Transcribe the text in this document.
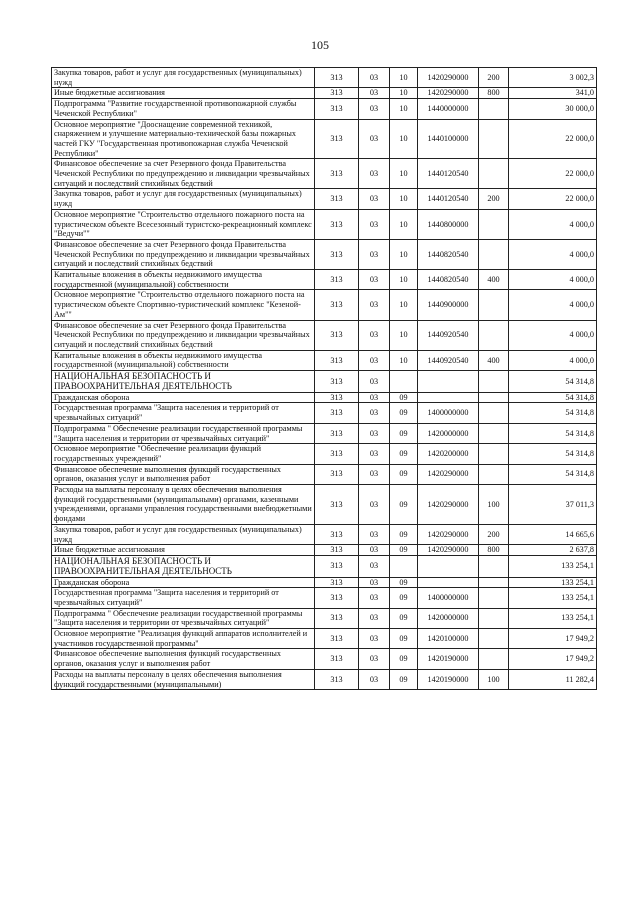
105
Закупка товаров, работ и услуг для государственных (муниципальных) нужд	313	03	10	1420290000	200	3 002,3
Иные бюджетные ассигнования	313	03	10	1420290000	800	341,0
Подпрограмма "Развитие государственной противопожарной службы Чеченской Республики"	313	03	10	1440000000		30 000,0
Основное мероприятие "Дооснащение современной техникой, снаряжением и улучшение материально-технической базы пожарных частей ГКУ "Государственная противопожарная служба Чеченской Республики"	313	03	10	1440100000		22 000,0
Финансовое обеспечение за счет Резервного фонда Правительства Чеченской Республики по предупреждению и ликвидации чрезвычайных ситуаций и последствий стихийных бедствий	313	03	10	1440120540		22 000,0
Закупка товаров, работ и услуг для государственных (муниципальных) нужд	313	03	10	1440120540	200	22 000,0
Основное мероприятие "Строительство отдельного пожарного поста на туристическом объекте Всесезонный туристско-рекреационный комплекс "Ведучи""	313	03	10	1440800000		4 000,0
Финансовое обеспечение за счет Резервного фонда Правительства Чеченской Республики по предупреждению и ликвидации чрезвычайных ситуаций и последствий стихийных бедствий	313	03	10	1440820540		4 000,0
Капитальные вложения в объекты недвижимого имущества государственной (муниципальной) собственности	313	03	10	1440820540	400	4 000,0
Основное мероприятие "Строительство отдельного пожарного поста на туристическом объекте Спортивно-туристический комплекс "Кезеной-Ам""	313	03	10	1440900000		4 000,0
Финансовое обеспечение за счет Резервного фонда Правительства Чеченской Республики по предупреждению и ликвидации чрезвычайных ситуаций и последствий стихийных бедствий	313	03	10	1440920540		4 000,0
Капитальные вложения в объекты недвижимого имущества государственной (муниципальной) собственности	313	03	10	1440920540	400	4 000,0
НАЦИОНАЛЬНАЯ БЕЗОПАСНОСТЬ И ПРАВООХРАНИТЕЛЬНАЯ ДЕЯТЕЛЬНОСТЬ	313	03				54 314,8
Гражданская оборона	313	03	09			54 314,8
Государственная программа "Защита населения и территорий от чрезвычайных ситуаций"	313	03	09	1400000000		54 314,8
Подпрограмма " Обеспечение реализации государственной программы "Защита населения и территории от чрезвычайных ситуаций"	313	03	09	1420000000		54 314,8
Основное мероприятие "Обеспечение реализации функций государственных учреждений"	313	03	09	1420200000		54 314,8
Финансовое обеспечение выполнения функций государственных органов, оказания услуг и выполнения работ	313	03	09	1420290000		54 314,8
Расходы на выплаты персоналу в целях обеспечения выполнения функций государственными (муниципальными) органами, казенными учреждениями, органами управления государственными внебюджетными фондами	313	03	09	1420290000	100	37 011,3
Закупка товаров, работ и услуг для государственных (муниципальных) нужд	313	03	09	1420290000	200	14 665,6
Иные бюджетные ассигнования	313	03	09	1420290000	800	2 637,8
НАЦИОНАЛЬНАЯ БЕЗОПАСНОСТЬ И ПРАВООХРАНИТЕЛЬНАЯ ДЕЯТЕЛЬНОСТЬ	313	03				133 254,1
Гражданская оборона	313	03	09			133 254,1
Государственная программа "Защита населения и территорий от чрезвычайных ситуаций"	313	03	09	1400000000		133 254,1
Подпрограмма " Обеспечение реализации государственной программы "Защита населения и территории от чрезвычайных ситуаций"	313	03	09	1420000000		133 254,1
Основное мероприятие "Реализация функций аппаратов исполнителей и участников государственной программы"	313	03	09	1420100000		17 949,2
Финансовое обеспечение выполнения функций государственных органов, оказания услуг и выполнения работ	313	03	09	1420190000		17 949,2
Расходы на выплаты персоналу в целях обеспечения выполнения функций государственными (муниципальными)	313	03	09	1420190000	100	11 282,4
